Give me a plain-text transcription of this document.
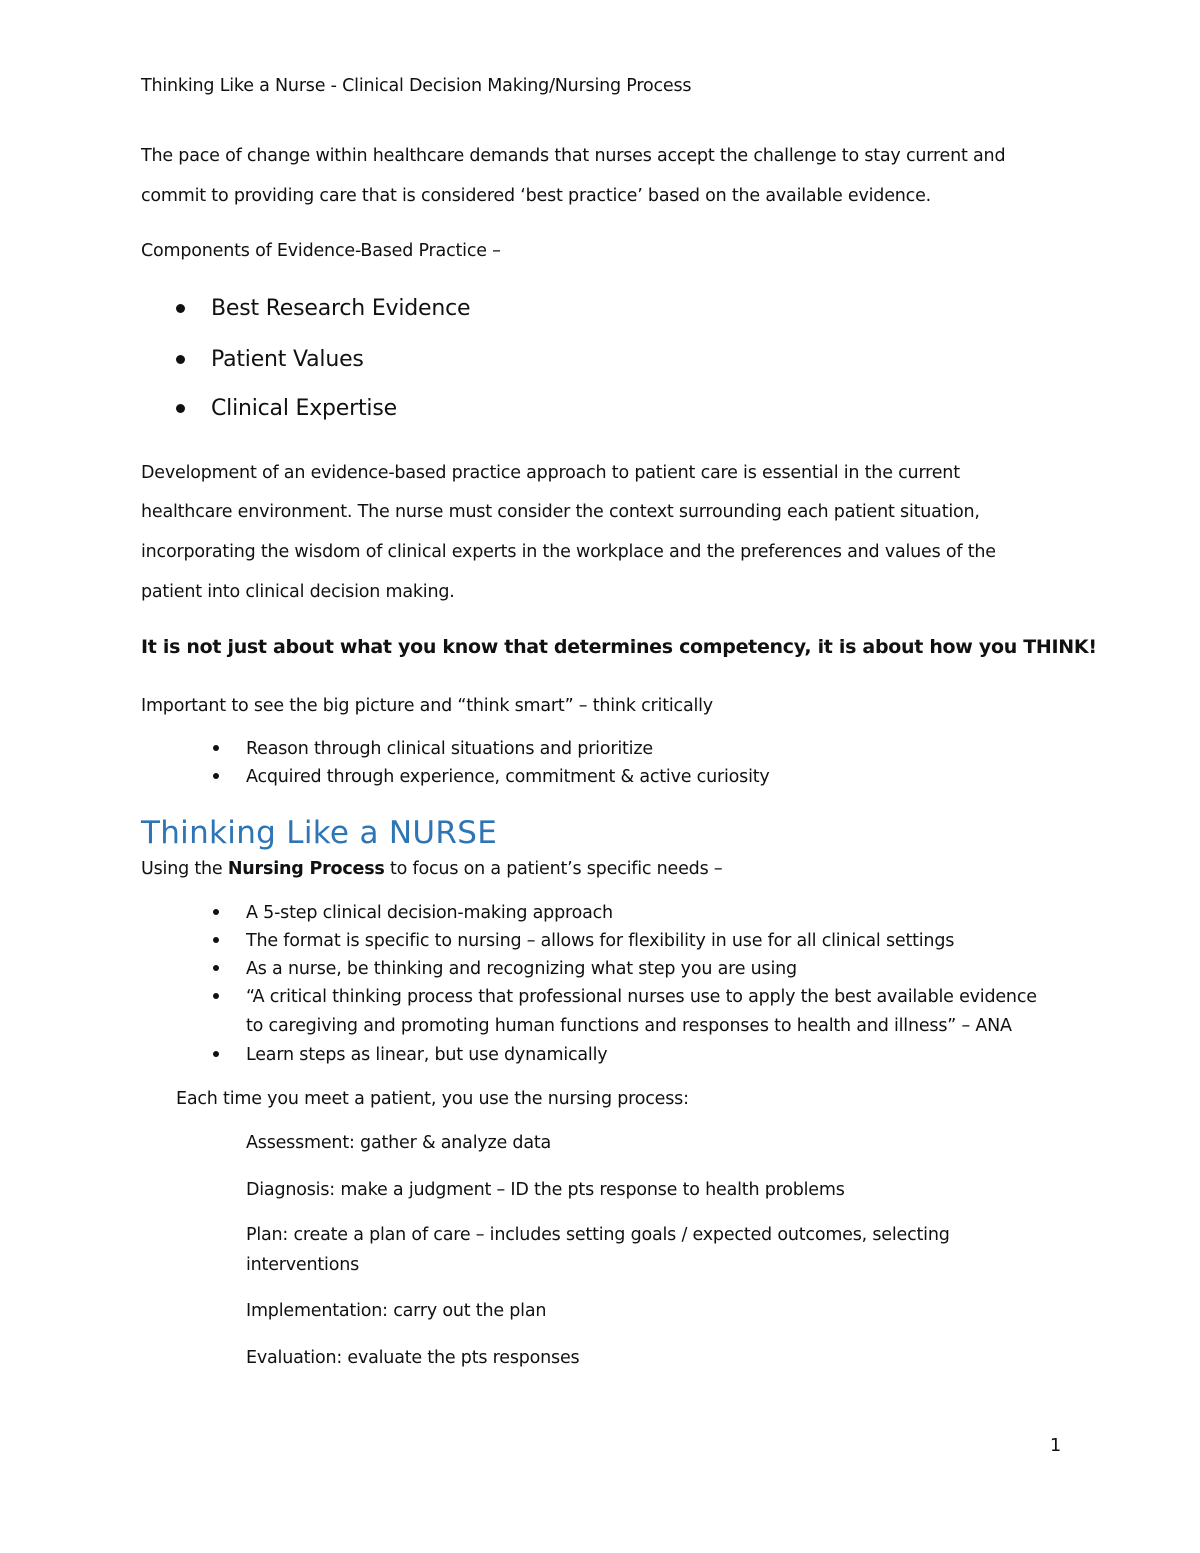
Thinking Like a Nurse - Clinical Decision Making/Nursing Process
The pace of change within healthcare demands that nurses accept the challenge to stay current and
commit to providing care that is considered ‘best practice’ based on the available evidence.
Components of Evidence-Based Practice –
Best Research Evidence
Patient Values
Clinical Expertise
Development of an evidence-based practice approach to patient care is essential in the current
healthcare environment. The nurse must consider the context surrounding each patient situation,
incorporating the wisdom of clinical experts in the workplace and the preferences and values of the
patient into clinical decision making.
It is not just about what you know that determines competency, it is about how you THINK!
Important to see the big picture and “think smart” – think critically
Reason through clinical situations and prioritize
Acquired through experience, commitment & active curiosity
Thinking Like a NURSE
Using the Nursing Process to focus on a patient’s specific needs –
A 5-step clinical decision-making approach
The format is specific to nursing – allows for flexibility in use for all clinical settings
As a nurse, be thinking and recognizing what step you are using
“A critical thinking process that professional nurses use to apply the best available evidence
to caregiving and promoting human functions and responses to health and illness” – ANA
Learn steps as linear, but use dynamically
Each time you meet a patient, you use the nursing process:
Assessment: gather & analyze data
Diagnosis: make a judgment – ID the pts response to health problems
Plan: create a plan of care – includes setting goals / expected outcomes, selecting
interventions
Implementation: carry out the plan
Evaluation: evaluate the pts responses
1
